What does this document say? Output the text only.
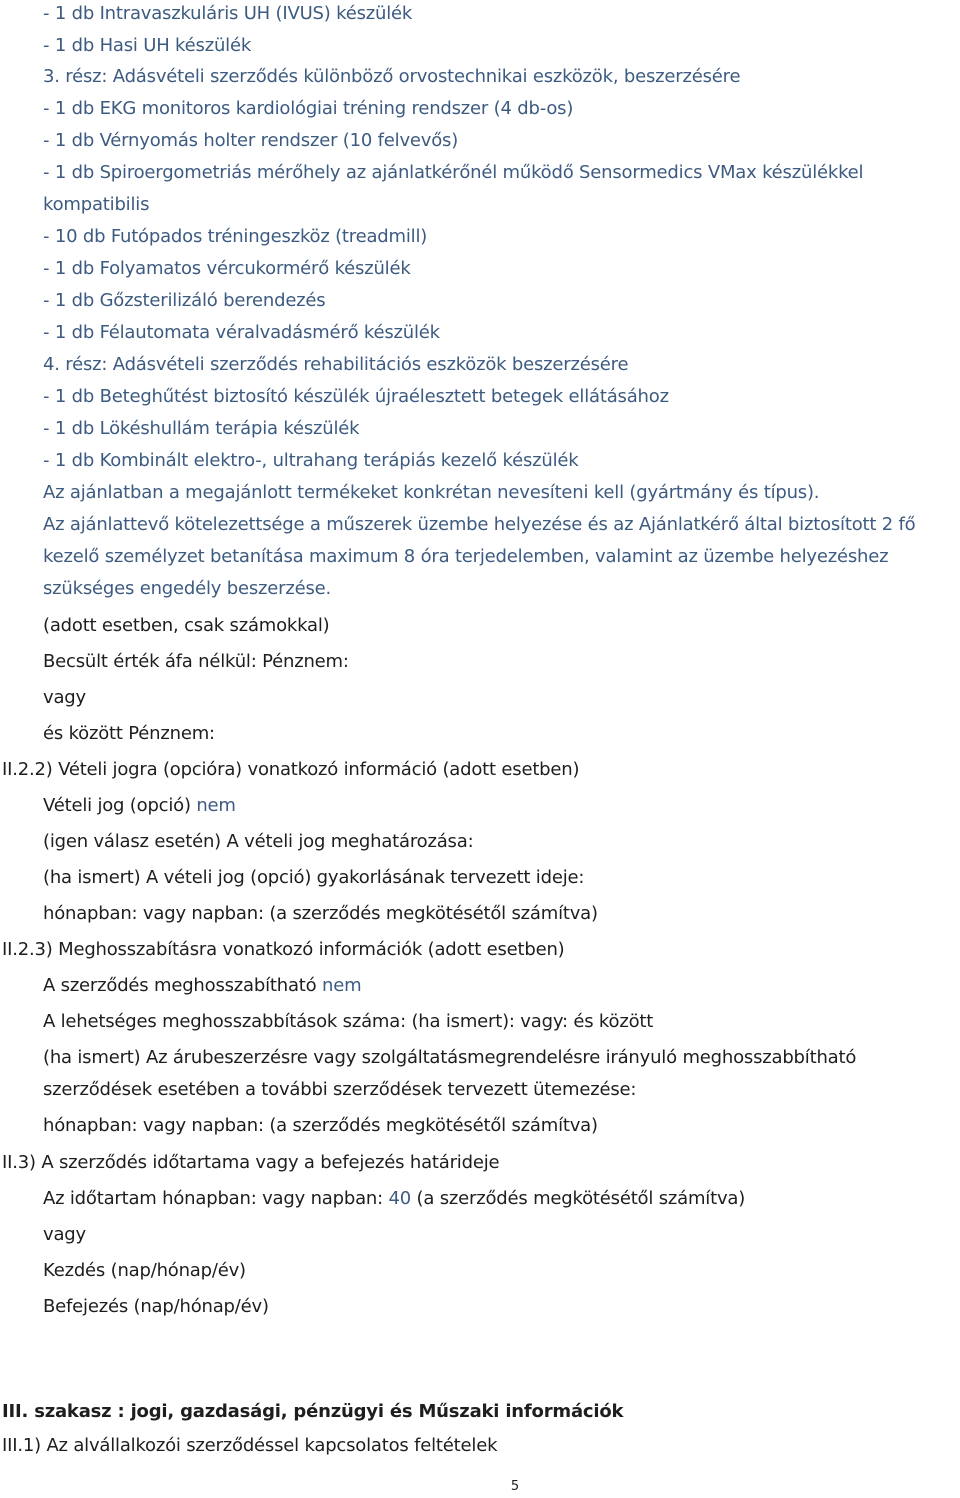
- 1 db Intravaszkuláris UH (IVUS) készülék
- 1 db Hasi UH készülék
3. rész: Adásvételi szerződés különböző orvostechnikai eszközök, beszerzésére
- 1 db EKG monitoros kardiológiai tréning rendszer (4 db-os)
- 1 db Vérnyomás holter rendszer (10 felvevős)
- 1 db Spiroergometriás mérőhely az ajánlatkérőnél működő Sensormedics VMax készülékkel
kompatibilis
- 10 db Futópados tréningeszköz (treadmill)
- 1 db Folyamatos vércukormérő készülék
- 1 db Gőzsterilizáló berendezés
- 1 db Félautomata véralvadásmérő készülék
4. rész: Adásvételi szerződés rehabilitációs eszközök beszerzésére
- 1 db Beteghűtést biztosító készülék újraélesztett betegek ellátásához
- 1 db Lökéshullám terápia készülék
- 1 db Kombinált elektro-, ultrahang terápiás kezelő készülék
Az ajánlatban a megajánlott termékeket konkrétan nevesíteni kell (gyártmány és típus).
Az ajánlattevő kötelezettsége a műszerek üzembe helyezése és az Ajánlatkérő által biztosított 2 fő
kezelő személyzet betanítása maximum 8 óra terjedelemben, valamint az üzembe helyezéshez
szükséges engedély beszerzése.
(adott esetben, csak számokkal)
Becsült érték áfa nélkül: Pénznem:
vagy
és között Pénznem:
II.2.2) Vételi jogra (opcióra) vonatkozó információ (adott esetben)
Vételi jog (opció) nem
(igen válasz esetén) A vételi jog meghatározása:
(ha ismert) A vételi jog (opció) gyakorlásának tervezett ideje:
hónapban: vagy napban: (a szerződés megkötésétől számítva)
II.2.3) Meghosszabításra vonatkozó információk (adott esetben)
A szerződés meghosszabítható nem
A lehetséges meghosszabbítások száma: (ha ismert): vagy: és között
(ha ismert) Az árubeszerzésre vagy szolgáltatásmegrendelésre irányuló meghosszabbítható
szerződések esetében a további szerződések tervezett ütemezése:
hónapban: vagy napban: (a szerződés megkötésétől számítva)
II.3) A szerződés időtartama vagy a befejezés határideje
Az időtartam hónapban: vagy napban: 40 (a szerződés megkötésétől számítva)
vagy
Kezdés (nap/hónap/év)
Befejezés (nap/hónap/év)
III. szakasz : jogi, gazdasági, pénzügyi és Műszaki információk
III.1) Az alvállalkozói szerződéssel kapcsolatos feltételek
5
